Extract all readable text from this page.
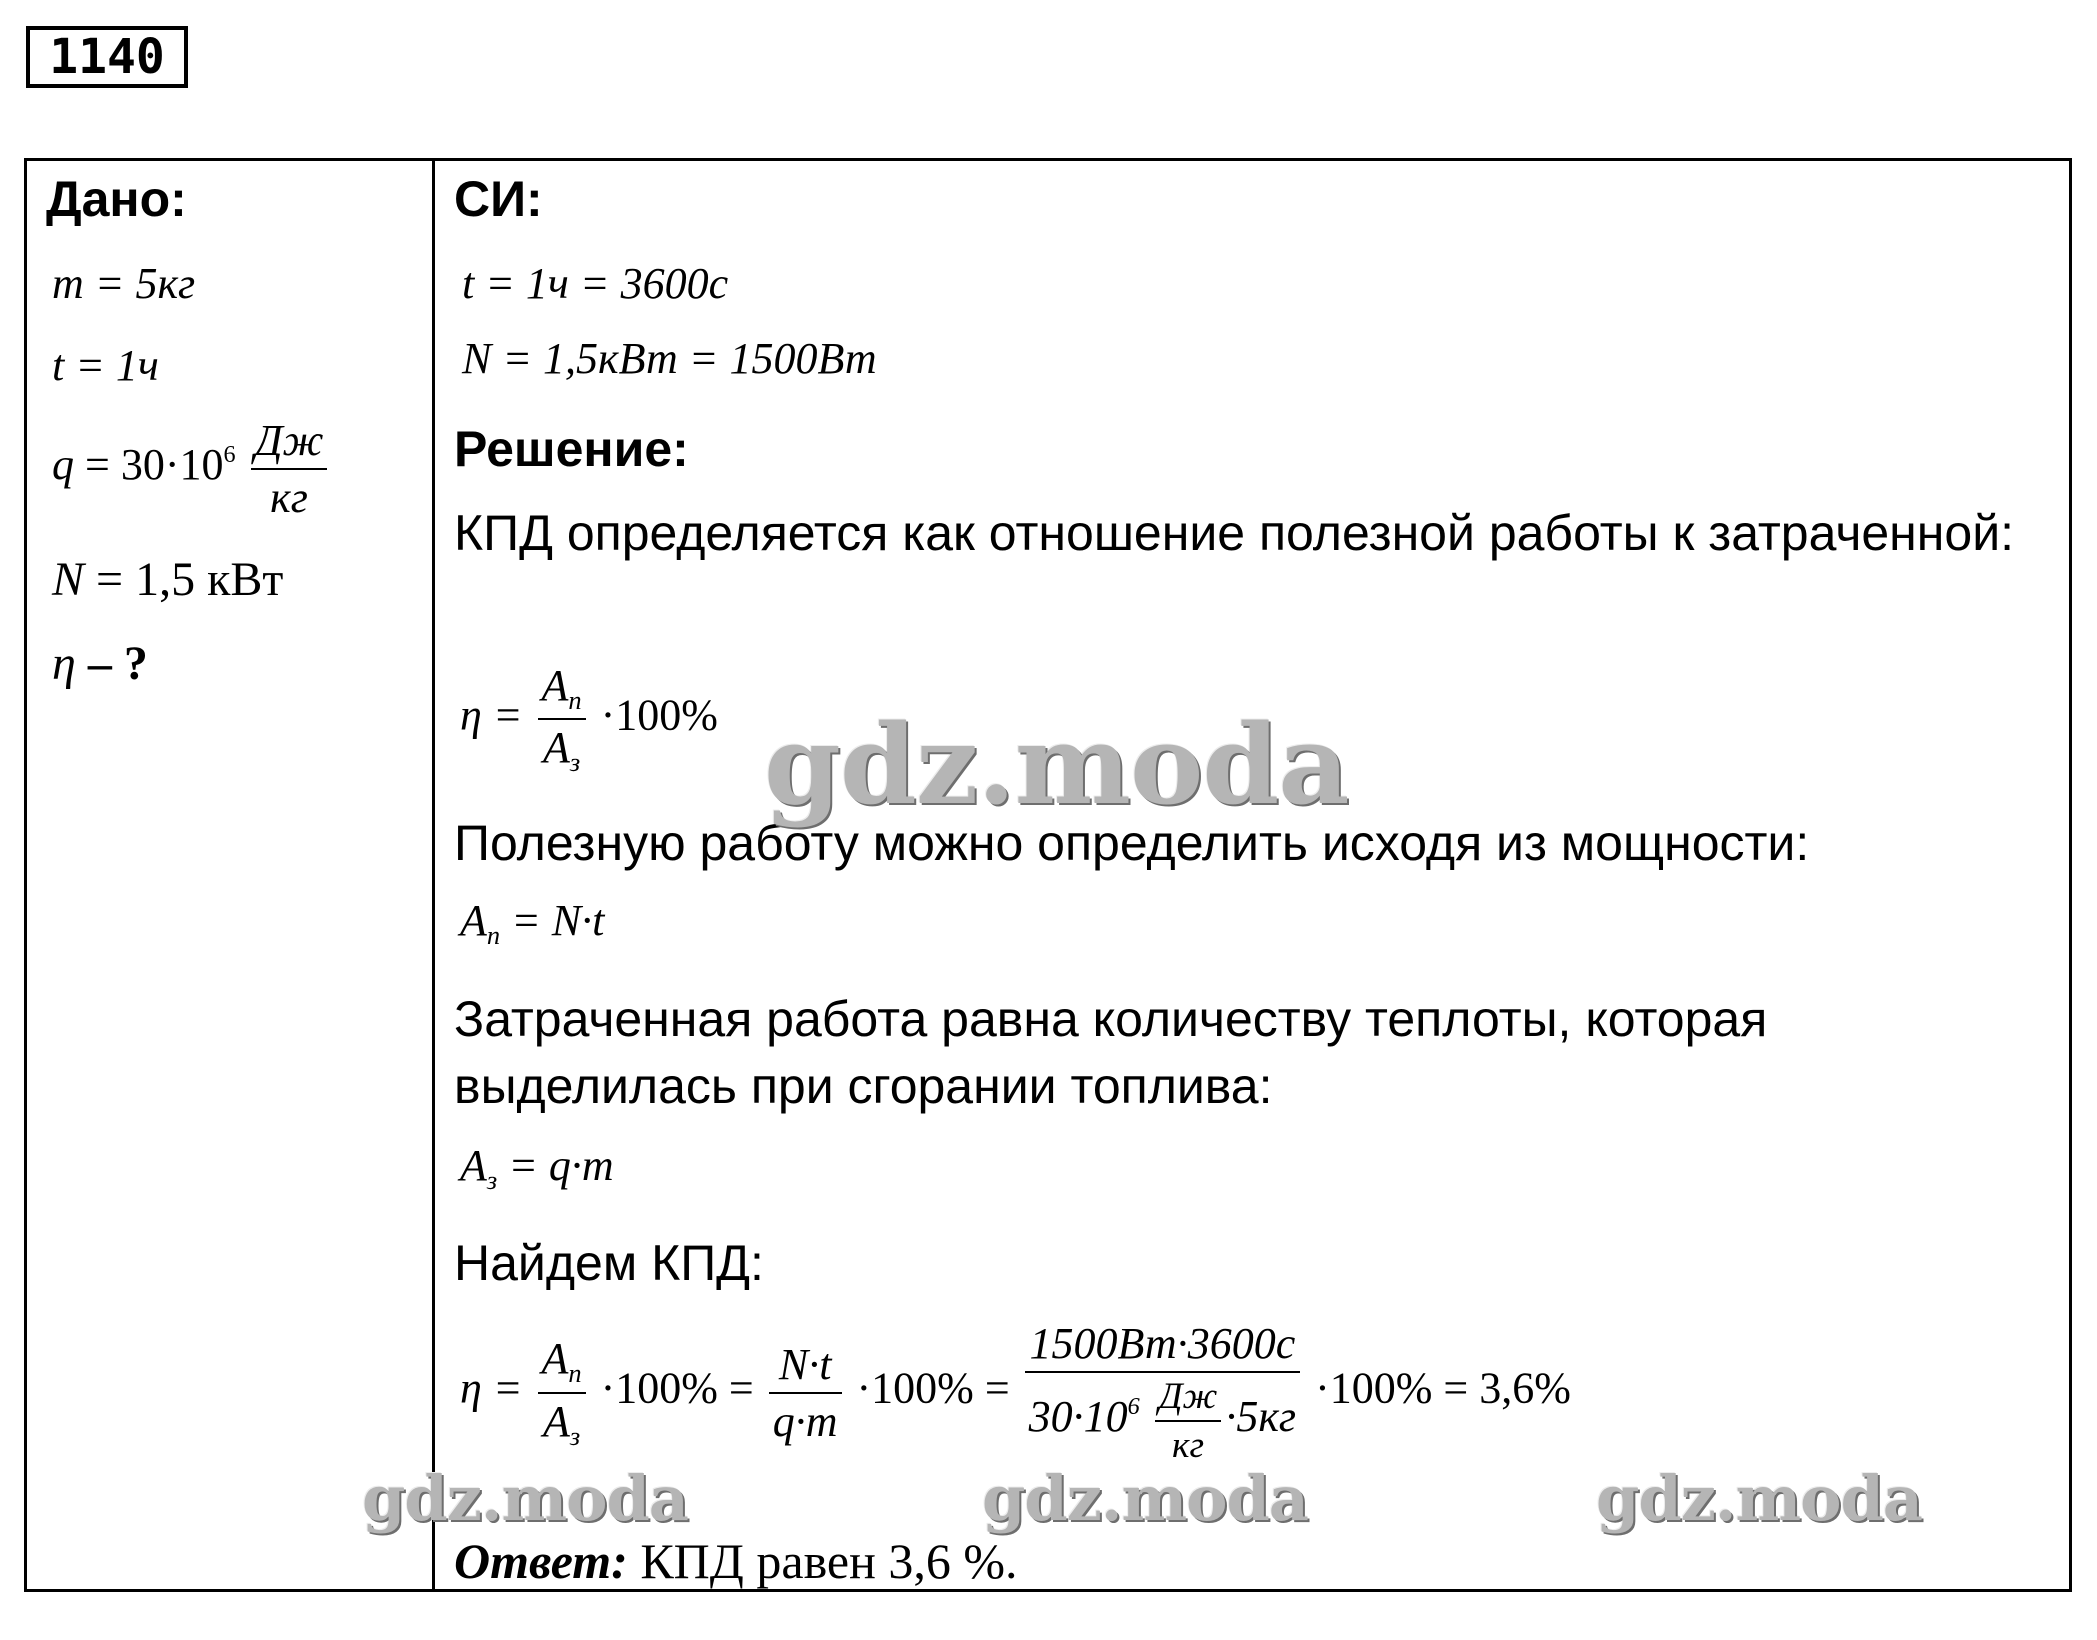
1140
Дано:
m = 5кг
t = 1ч
$q = 30\cdot 10^6 \frac{Дж}{кг}$
N = 1,5 кВт
η – ?
СИ:
t = 1ч = 3600с
N = 1,5кВт = 1500Вт
Решение:
КПД определяется как отношение полезной работы к затраченной:
$\eta = \frac{A_п}{A_з} \cdot 100\%$
Полезную работу можно определить исходя из мощности:
$A_п = N\cdot t$
Затраченная работа равна количеству теплоты, которая выделилась при сгорании топлива:
$A_з = q\cdot m$
Найдем КПД:
$\eta = \frac{A_п}{A_з} \cdot 100\% = \frac{N\cdot t}{q\cdot m} \cdot 100\% = \frac{1500Вт\cdot 3600с}{30\cdot 10^6 \frac{Дж}{кг} \cdot 5кг} \cdot 100\% = 3,6\%$
Ответ: КПД равен 3,6 %.
gdz.moda
gdz.moda	gdz.moda	gdz.moda
